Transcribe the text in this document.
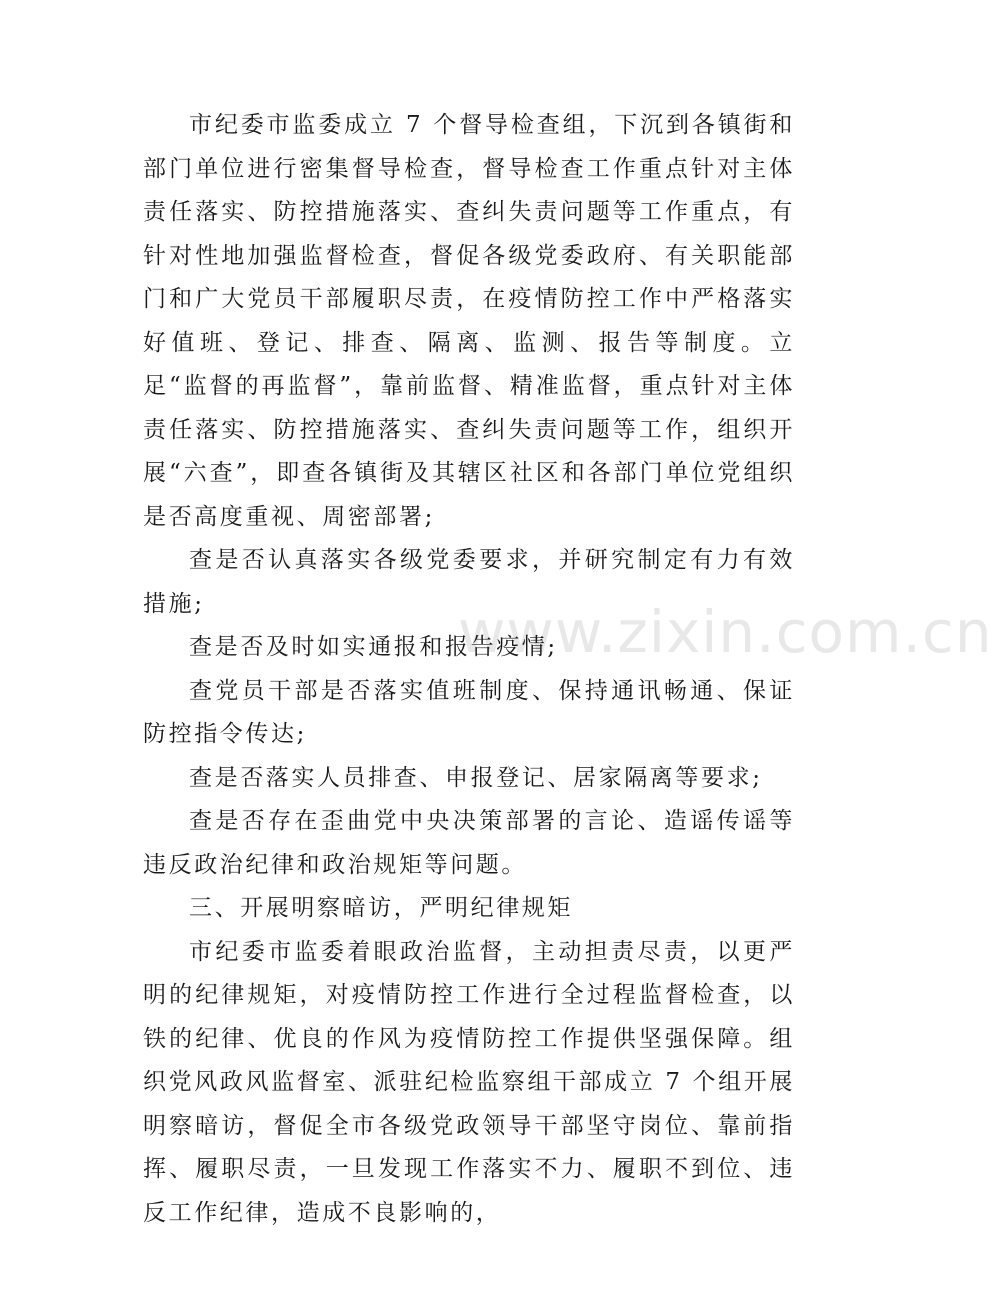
www.zixin.com.cn

市纪委市监委成立 7 个督导检查组，下沉到各镇街和部门单位进行密集督导检查，督导检查工作重点针对主体责任落实、防控措施落实、查纠失责问题等工作重点，有针对性地加强监督检查，督促各级党委政府、有关职能部门和广大党员干部履职尽责，在疫情防控工作中严格落实好值班、登记、排查、隔离、监测、报告等制度。立足“监督的再监督”，靠前监督、精准监督，重点针对主体责任落实、防控措施落实、查纠失责问题等工作，组织开展“六查”，即查各镇街及其辖区社区和各部门单位党组织是否高度重视、周密部署;

查是否认真落实各级党委要求，并研究制定有力有效措施;

查是否及时如实通报和报告疫情;

查党员干部是否落实值班制度、保持通讯畅通、保证防控指令传达;

查是否落实人员排查、申报登记、居家隔离等要求;

查是否存在歪曲党中央决策部署的言论、造谣传谣等违反政治纪律和政治规矩等问题。

三、开展明察暗访，严明纪律规矩

市纪委市监委着眼政治监督，主动担责尽责，以更严明的纪律规矩，对疫情防控工作进行全过程监督检查，以铁的纪律、优良的作风为疫情防控工作提供坚强保障。组织党风政风监督室、派驻纪检监察组干部成立 7 个组开展明察暗访，督促全市各级党政领导干部坚守岗位、靠前指挥、履职尽责，一旦发现工作落实不力、履职不到位、违反工作纪律，造成不良影响的，
